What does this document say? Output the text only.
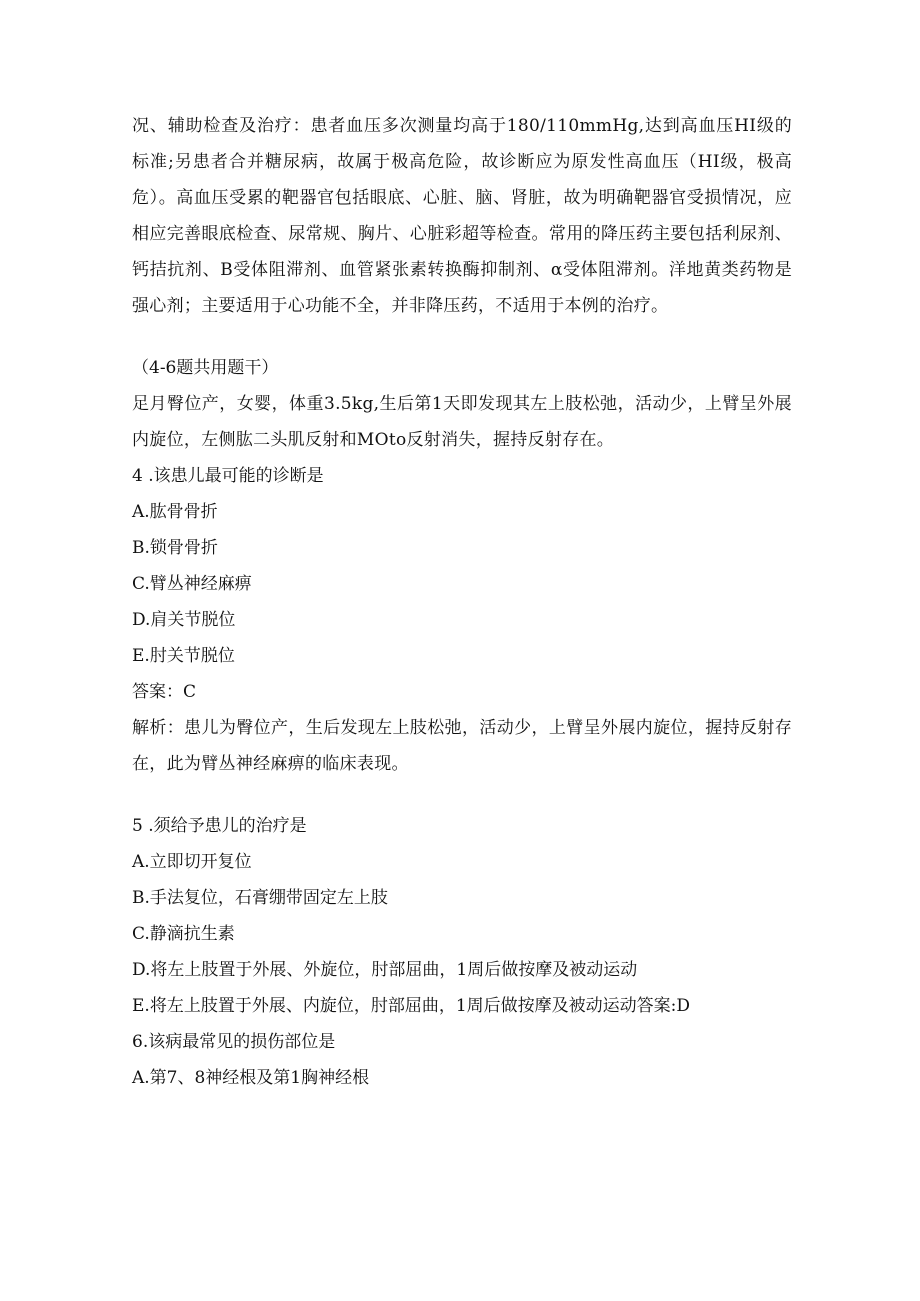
况、辅助检查及治疗：患者血压多次测量均高于180/110mmHg,达到高血压HI级的标准;另患者合并糖尿病，故属于极高危险，故诊断应为原发性高血压（HI级，极高危）。高血压受累的靶器官包括眼底、心脏、脑、肾脏，故为明确靶器官受损情况，应相应完善眼底检查、尿常规、胸片、心脏彩超等检查。常用的降压药主要包括利尿剂、钙拮抗剂、B受体阻滞剂、血管紧张素转换酶抑制剂、α受体阻滞剂。洋地黄类药物是强心剂；主要适用于心功能不全，并非降压药，不适用于本例的治疗。

（4-6题共用题干）

足月臀位产，女婴，体重3.5kg,生后第1天即发现其左上肢松弛，活动少，上臂呈外展内旋位，左侧肱二头肌反射和MOto反射消失，握持反射存在。

4 .该患儿最可能的诊断是

A.肱骨骨折

B.锁骨骨折

C.臂丛神经麻痹

D.肩关节脱位

E.肘关节脱位

答案：C

解析：患儿为臀位产，生后发现左上肢松弛，活动少，上臂呈外展内旋位，握持反射存在，此为臂丛神经麻痹的临床表现。

5 .须给予患儿的治疗是

A.立即切开复位

B.手法复位，石膏绷带固定左上肢

C.静滴抗生素

D.将左上肢置于外展、外旋位，肘部屈曲，1周后做按摩及被动运动

E.将左上肢置于外展、内旋位，肘部屈曲，1周后做按摩及被动运动答案:D

6.该病最常见的损伤部位是

A.第7、8神经根及第1胸神经根
